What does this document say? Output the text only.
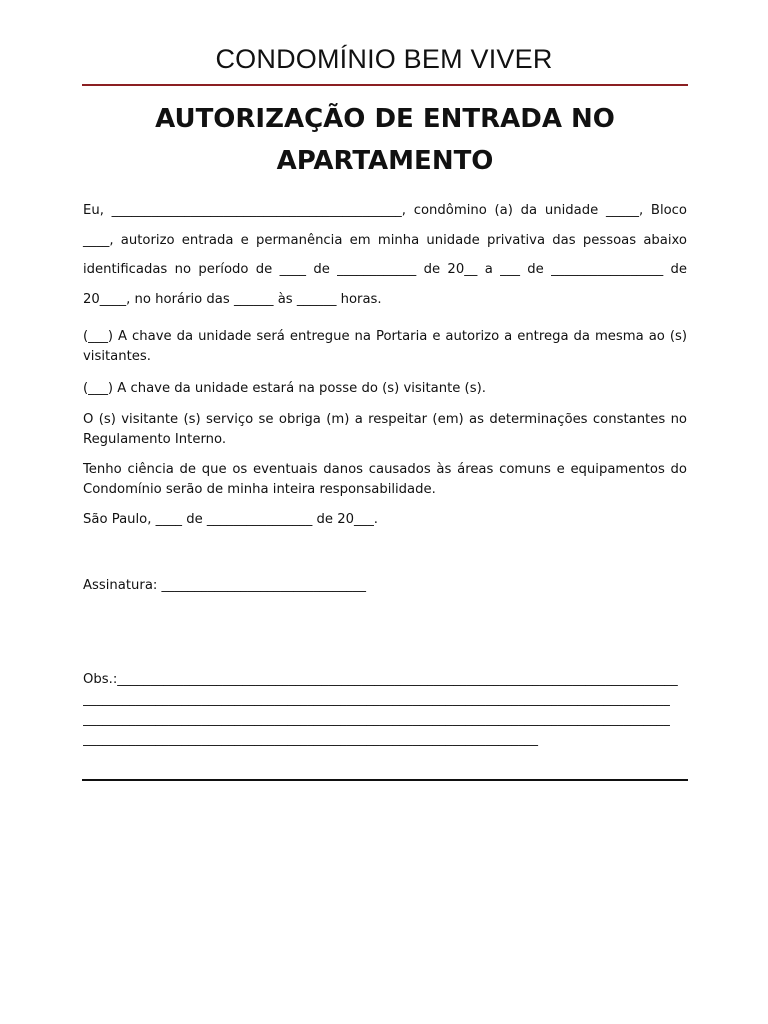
CONDOMÍNIO BEM VIVER
AUTORIZAÇÃO DE ENTRADA NO APARTAMENTO
Eu, ____________________________________________, condômino (a) da unidade _____, Bloco ____, autorizo entrada e permanência em minha unidade privativa das pessoas abaixo identificadas no período de ____ de ____________ de 20__ a ___ de _________________ de 20____, no horário das ______ às ______ horas.
(___) A chave da unidade será entregue na Portaria e autorizo a entrega da mesma ao (s) visitantes.
(___) A chave da unidade estará na posse do (s) visitante (s).
O (s) visitante (s) serviço se obriga (m) a respeitar (em) as determinações constantes no Regulamento Interno.
Tenho ciência de que os eventuais danos causados às áreas comuns e equipamentos do Condomínio serão de minha inteira responsabilidade.
São Paulo, ____ de ________________ de 20___.
Assinatura: _______________________________
Obs.:_____________________________________________________________________________________
_________________________________________________________________________________________
_________________________________________________________________________________________
_____________________________________________________________________
